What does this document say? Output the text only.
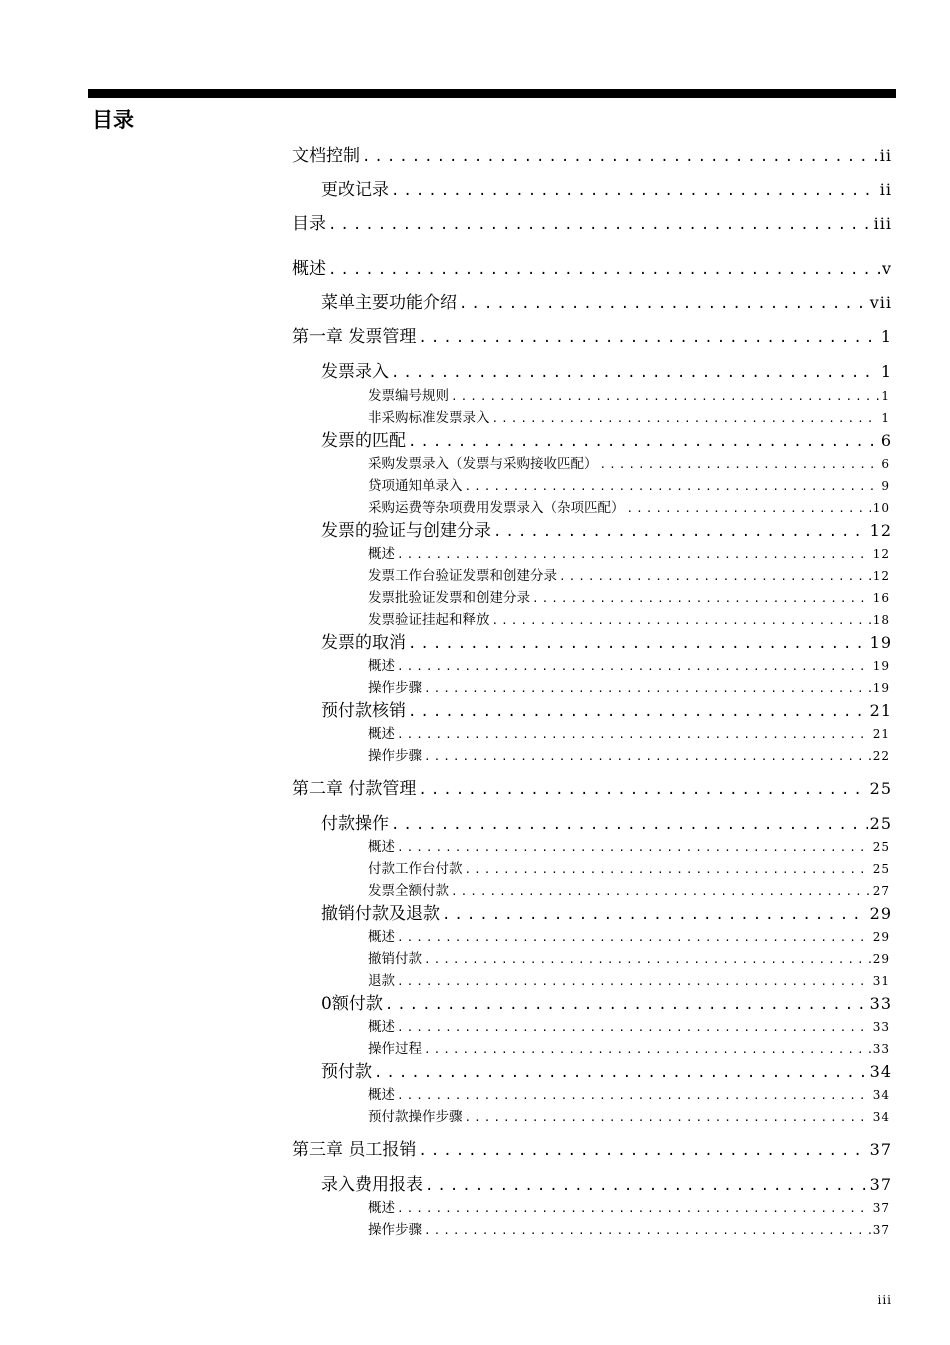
目录
文档控制 .....	ii
更改记录 .....	ii
目录 .....	iii
概述 .....	v
菜单主要功能介绍 .....	vii
第一章 发票管理 .....	1
发票录入 .....	1
发票编号规则 .....	1
非采购标准发票录入 .....	1
发票的匹配 .....	6
采购发票录入（发票与采购接收匹配） .....	6
贷项通知单录入 .....	9
采购运费等杂项费用发票录入（杂项匹配） .....	10
发票的验证与创建分录 .....	12
概述 .....	12
发票工作台验证发票和创建分录 .....	12
发票批验证发票和创建分录 .....	16
发票验证挂起和释放 .....	18
发票的取消 .....	19
概述 .....	19
操作步骤 .....	19
预付款核销 .....	21
概述 .....	21
操作步骤 .....	22
第二章 付款管理 .....	25
付款操作 .....	25
概述 .....	25
付款工作台付款 .....	25
发票全额付款 .....	27
撤销付款及退款 .....	29
概述 .....	29
撤销付款 .....	29
退款 .....	31
0额付款 .....	33
概述 .....	33
操作过程 .....	33
预付款 .....	34
概述 .....	34
预付款操作步骤 .....	34
第三章 员工报销 .....	37
录入费用报表 .....	37
概述 .....	37
操作步骤 .....	37
iii
